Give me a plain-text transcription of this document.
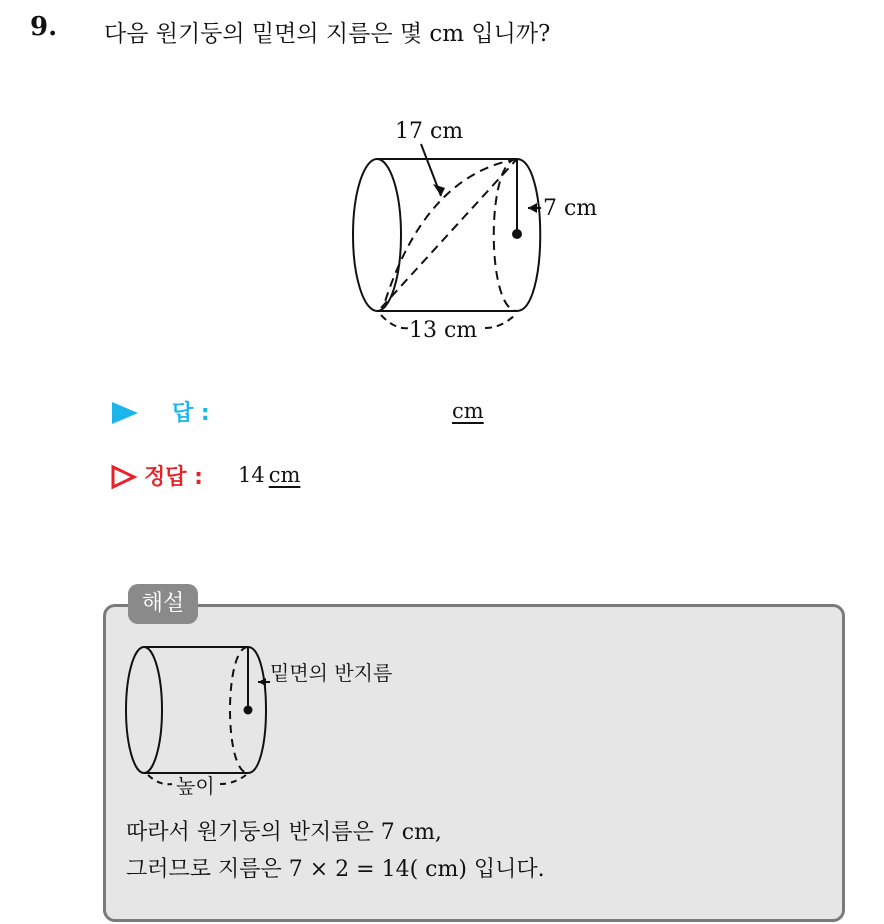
9. 다음 원기둥의 밑면의 지름은 몇 cm 입니까?
17 cm
7 cm
13 cm
답 :	cm
정답 : 14 cm
해설
밑면의 반지름
높이
따라서 원기둥의 반지름은 7 cm,
그러므로 지름은 7 × 2 = 14( cm) 입니다.
